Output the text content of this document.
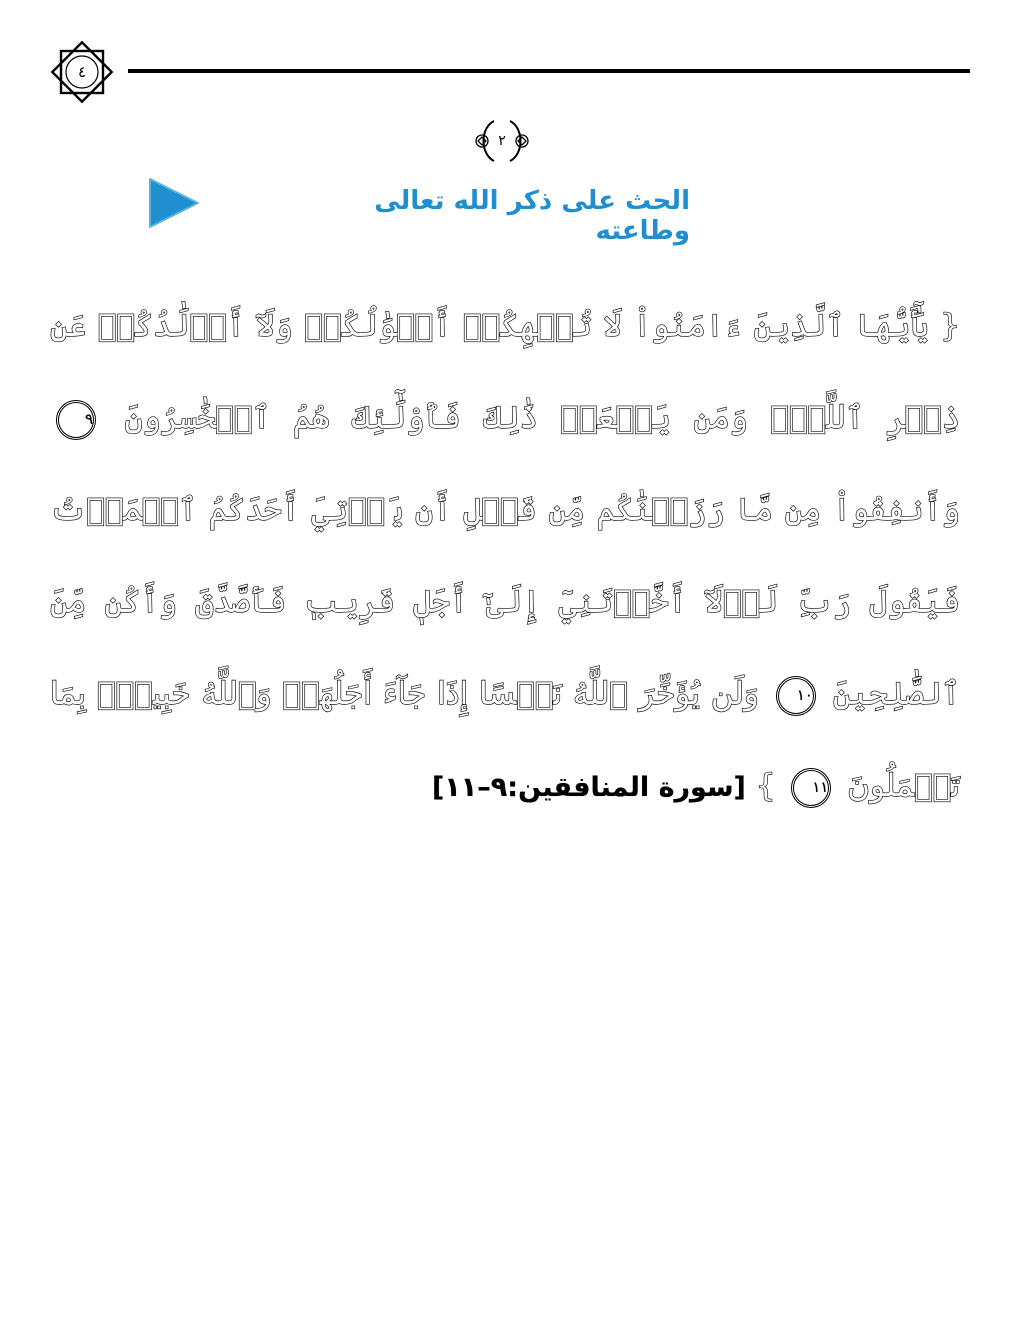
٤
٢
الحث على ذكر الله تعالى وطاعته
{ يَٰٓأَيُّهَا ٱلَّذِينَ ءَامَنُواْ لَا تُلۡهِكُمۡ أَمۡوَٰلُكُمۡ وَلَآ أَوۡلَٰدُكُمۡ عَن ذِكۡرِ ٱللَّهِۚ وَمَن يَفۡعَلۡ ذَٰلِكَ فَأُوْلَٰٓئِكَ هُمُ ٱلۡخَٰسِرُونَ ٩ وَأَنفِقُواْ مِن مَّا رَزَقۡنَٰكُم مِّن قَبۡلِ أَن يَأۡتِيَ أَحَدَكُمُ ٱلۡمَوۡتُ فَيَقُولَ رَبِّ لَوۡلَآ أَخَّرۡتَنِيٓ إِلَىٰٓ أَجَلٖ قَرِيبٖ فَأَصَّدَّقَ وَأَكُن مِّنَ ٱلصَّٰلِحِينَ ١٠ وَلَن يُؤَخِّرَ ٱللَّهُ نَفۡسًا إِذَا جَآءَ أَجَلُهَاۚ وَٱللَّهُ خَبِيرُۢ بِمَا تَعۡمَلُونَ ١١ } [سورة المنافقين:٩–١١]
